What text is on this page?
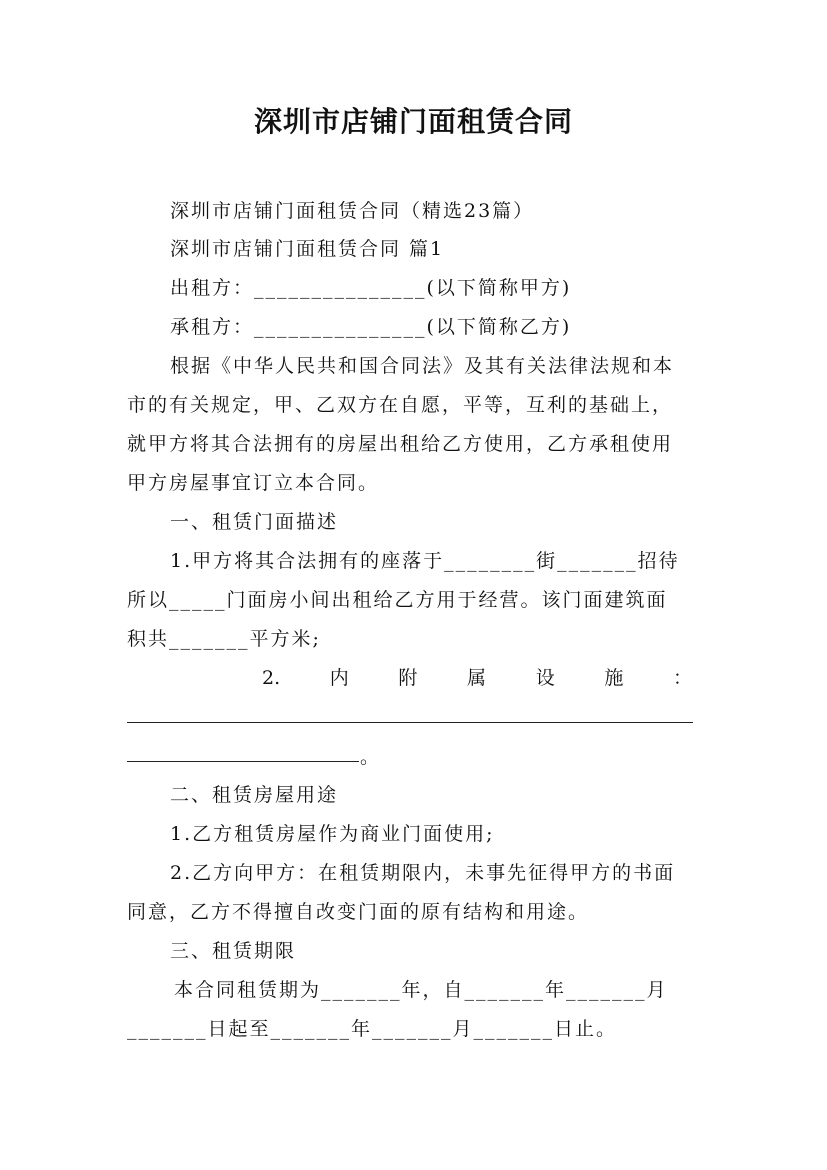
深圳市店铺门面租赁合同
深圳市店铺门面租赁合同（精选23篇）
深圳市店铺门面租赁合同 篇1
出租方：_______________(以下简称甲方)
承租方：_______________(以下简称乙方)
根据《中华人民共和国合同法》及其有关法律法规和本
市的有关规定，甲、乙双方在自愿，平等，互利的基础上，
就甲方将其合法拥有的房屋出租给乙方使用，乙方承租使用
甲方房屋事宜订立本合同。
一、租赁门面描述
1.甲方将其合法拥有的座落于________街_______招待
所以_____门面房小间出租给乙方用于经营。该门面建筑面
积共_______平方米;
2.	内	附	属	设	施	：
。
二、租赁房屋用途
1.乙方租赁房屋作为商业门面使用;
2.乙方向甲方：在租赁期限内，未事先征得甲方的书面
同意，乙方不得擅自改变门面的原有结构和用途。
三、租赁期限
本合同租赁期为_______年，自_______年_______月
_______日起至_______年_______月_______日止。
